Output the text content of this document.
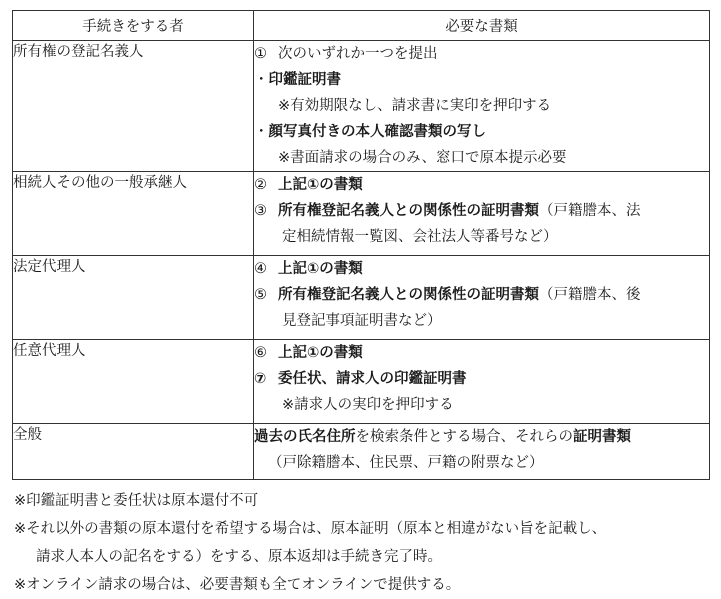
手続きをする者	必要な書類
所有権の登記名義人	① 次のいずれか一つを提出
・印鑑証明書
※有効期限なし、請求書に実印を押印する
・顔写真付きの本人確認書類の写し
※書面請求の場合のみ、窓口で原本提示必要

相続人その他の一般承継人	② 上記①の書類
③ 所有権登記名義人との関係性の証明書類（戸籍謄本、法
定相続情報一覧図、会社法人等番号など）

法定代理人	④ 上記①の書類
⑤ 所有権登記名義人との関係性の証明書類（戸籍謄本、後
見登記事項証明書など）

任意代理人	⑥ 上記①の書類
⑦ 委任状、請求人の印鑑証明書
※請求人の実印を押印する

全般	過去の氏名住所を検索条件とする場合、それらの証明書類
（戸除籍謄本、住民票、戸籍の附票など）
※印鑑証明書と委任状は原本還付不可
※それ以外の書類の原本還付を希望する場合は、原本証明（原本と相違がない旨を記載し、
請求人本人の記名をする）をする、原本返却は手続き完了時。
※オンライン請求の場合は、必要書類も全てオンラインで提供する。
